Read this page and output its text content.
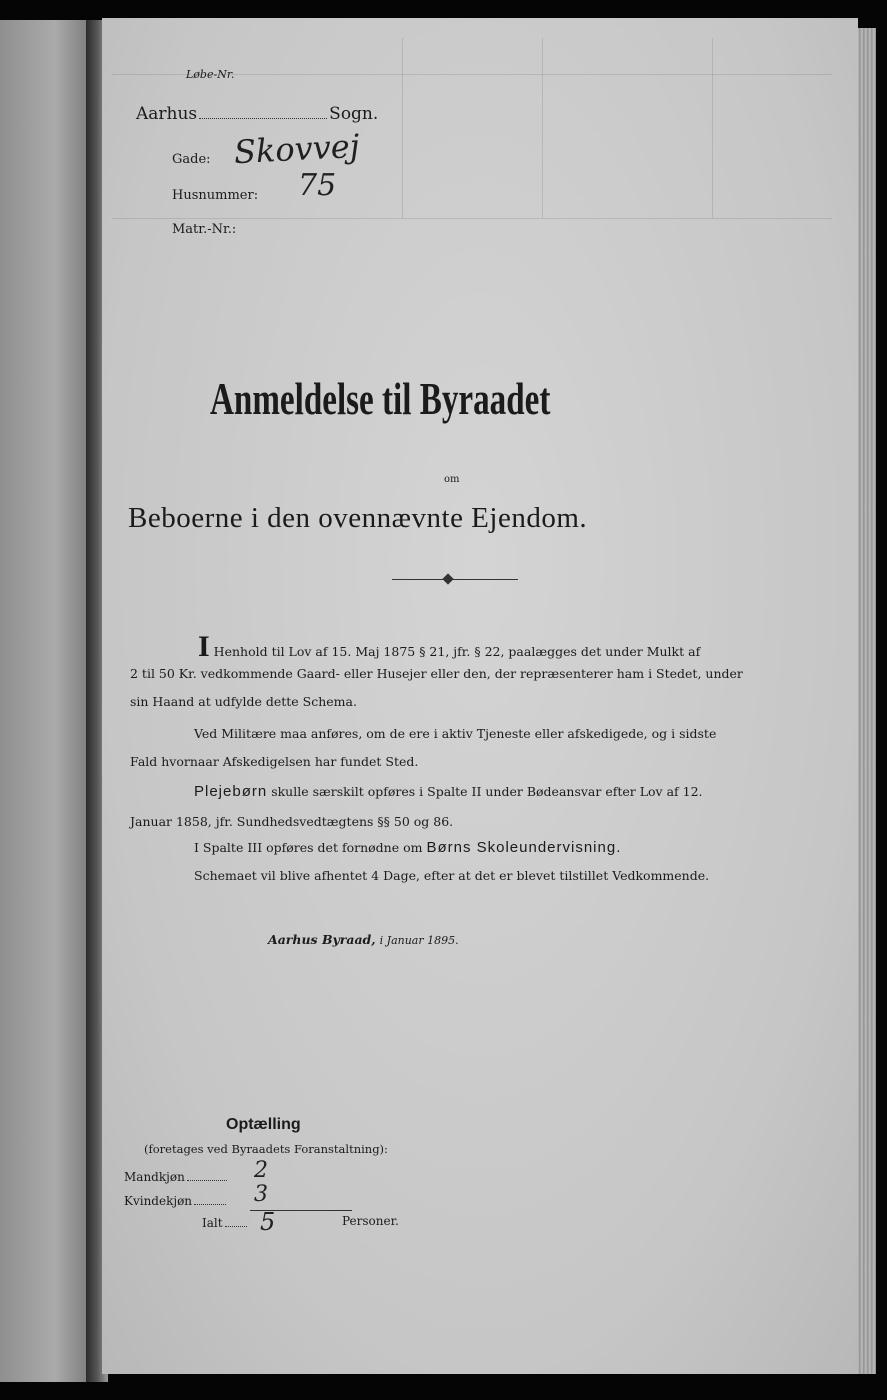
Løbe-Nr.
Aarhus	Sogn.
Gade: Skovvej
Husnummer: 75
Matr.-Nr.:
Anmeldelse til Byraadet
om
Beboerne i den ovennævnte Ejendom.
I Henhold til Lov af 15. Maj 1875 § 21, jfr. § 22, paalægges det under Mulkt af
2 til 50 Kr. vedkommende Gaard- eller Husejer eller den, der repræsenterer ham i Stedet, under
sin Haand at udfylde dette Schema.
Ved Militære maa anføres, om de ere i aktiv Tjeneste eller afskedigede, og i sidste
Fald hvornaar Afskedigelsen har fundet Sted.
Plejebørn skulle særskilt opføres i Spalte II under Bødeansvar efter Lov af 12.
Januar 1858, jfr. Sundhedsvedtægtens §§ 50 og 86.
I Spalte III opføres det fornødne om Børns Skoleundervisning.
Schemaet vil blive afhentet 4 Dage, efter at det er blevet tilstillet Vedkommende.
Aarhus Byraad, i Januar 1895.
Optælling
(foretages ved Byraadets Foranstaltning):
Mandkjøn	2
Kvindekjøn	3
Ialt	5	Personer.
